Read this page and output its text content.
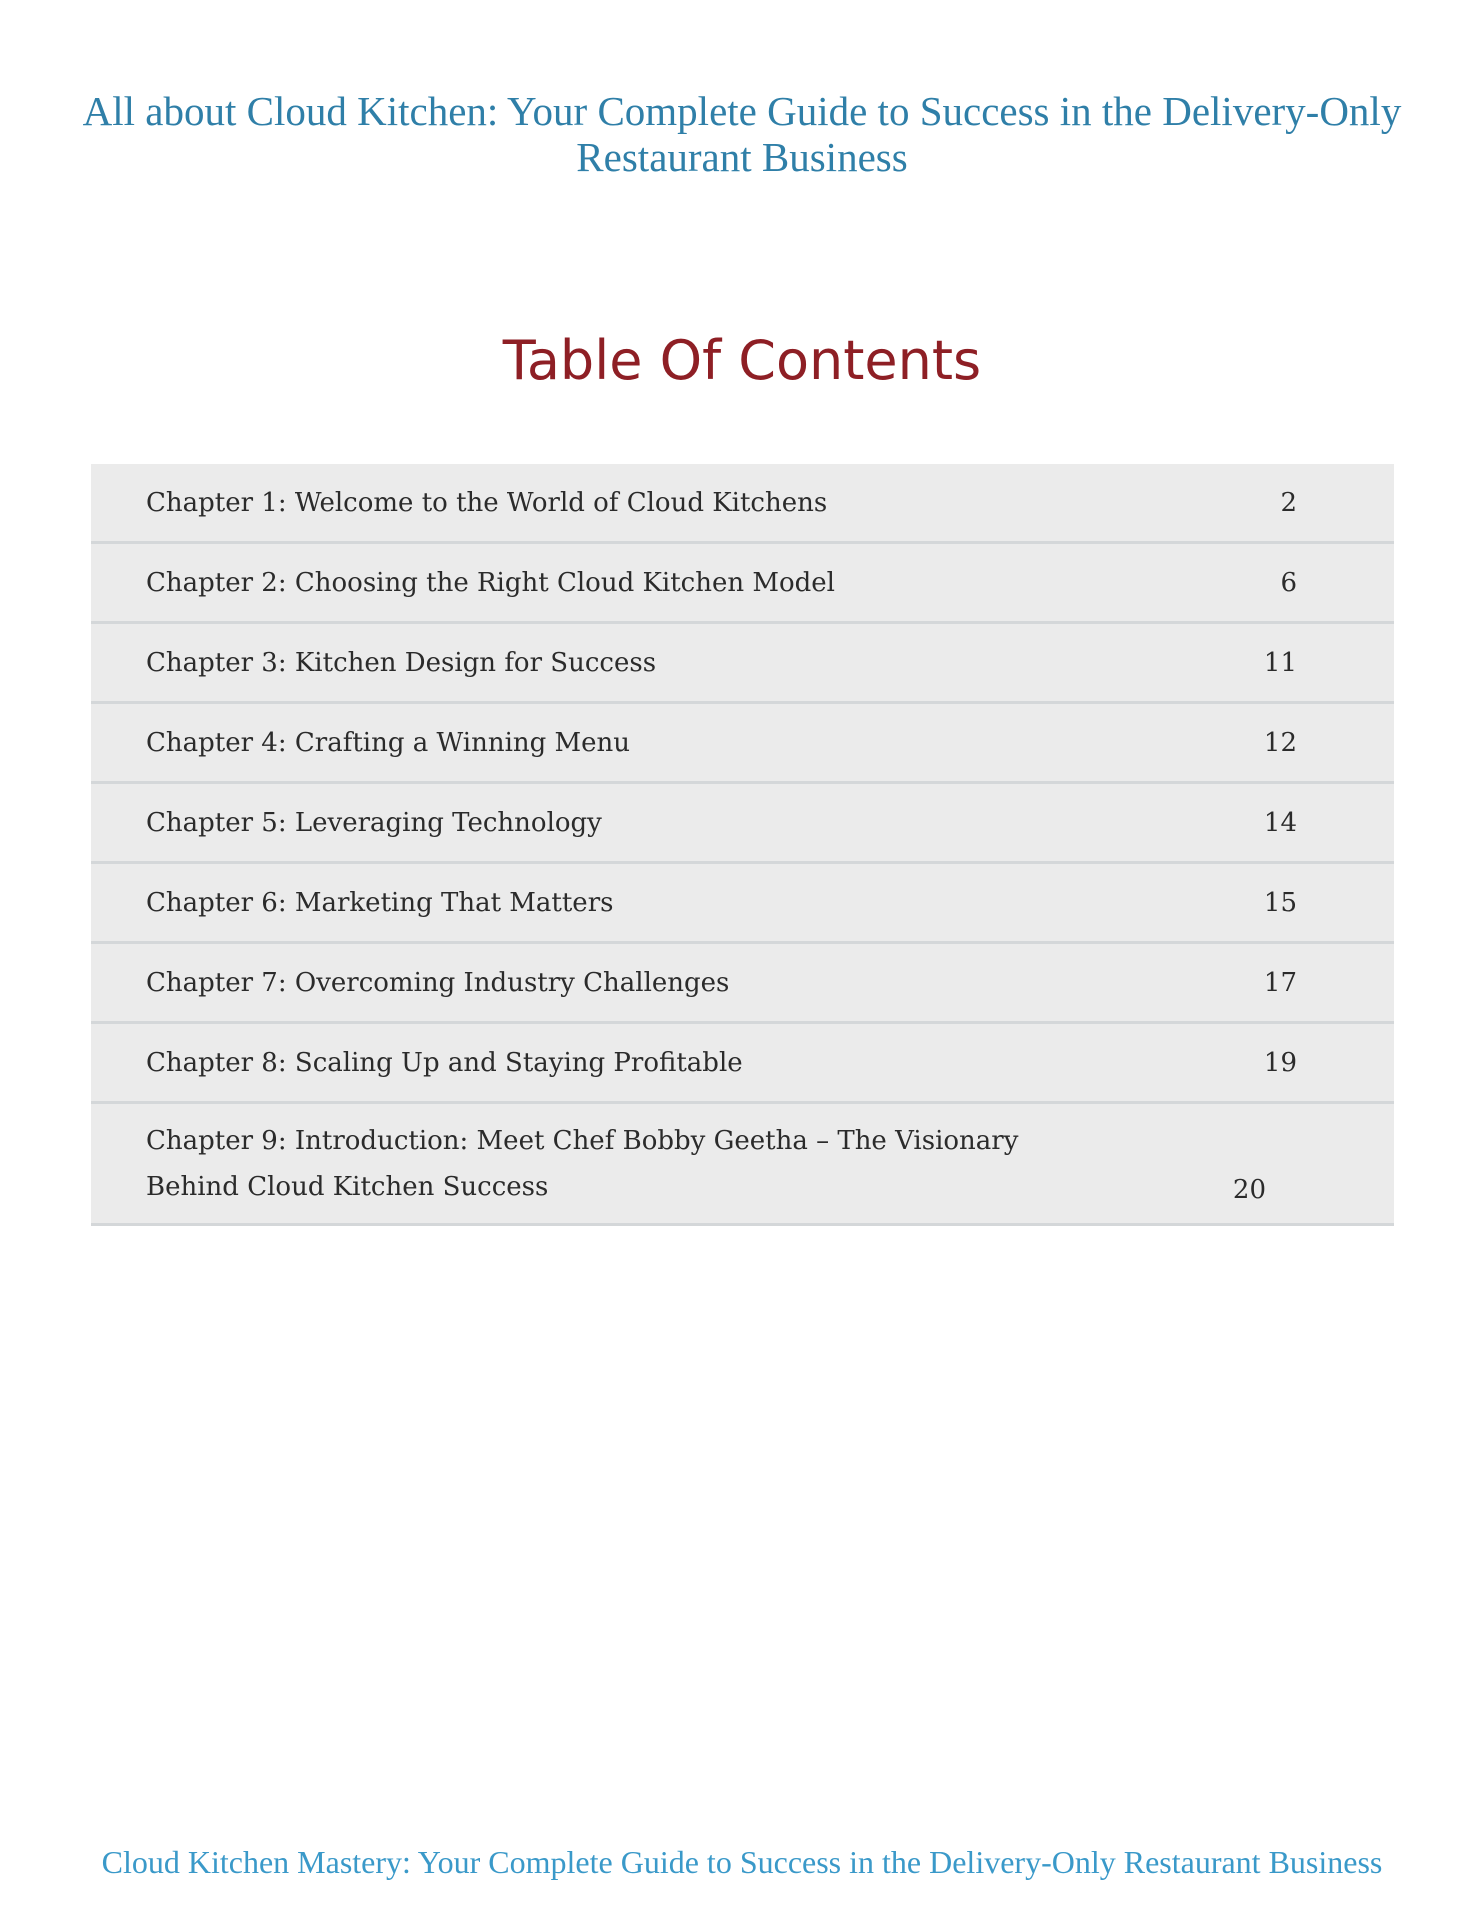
All about Cloud Kitchen: Your Complete Guide to Success in the Delivery-Only Restaurant Business
Table Of Contents
Chapter 1: Welcome to the World of Cloud Kitchens	2
Chapter 2: Choosing the Right Cloud Kitchen Model	6
Chapter 3: Kitchen Design for Success	11
Chapter 4: Crafting a Winning Menu	12
Chapter 5: Leveraging Technology	14
Chapter 6: Marketing That Matters	15
Chapter 7: Overcoming Industry Challenges	17
Chapter 8: Scaling Up and Staying Profitable	19
Chapter 9: Introduction: Meet Chef Bobby Geetha – The Visionary Behind Cloud Kitchen Success	20
Cloud Kitchen Mastery: Your Complete Guide to Success in the Delivery-Only Restaurant Business
